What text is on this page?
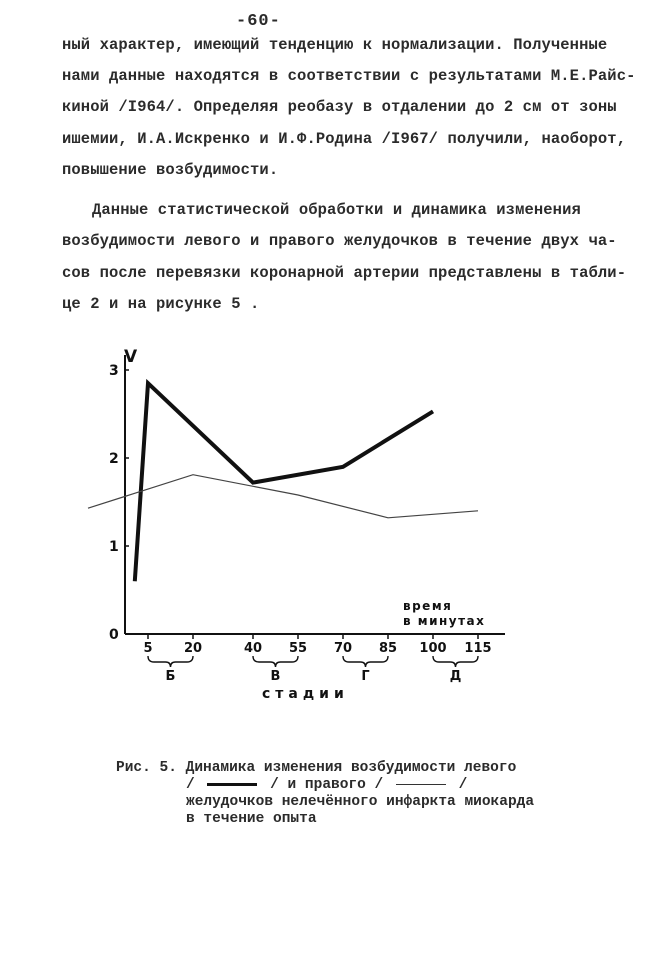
-60-
ный характер, имеющий тенденцию к нормализации. Полученные
нами данные находятся в соответствии с результатами М.Е.Райс-
киной /I964/. Определяя реобазу в отдалении до 2 см от зоны
ишемии, И.А.Искренко и И.Ф.Родина /I967/ получили, наоборот,
повышение возбудимости.
Данные статистической обработки и динамика изменения
возбудимости левого и правого желудочков в течение двух ча-
сов после перевязки коронарной артерии представлены в табли-
це 2 и на рисунке 5 .
V
время
в минутах
стадии
0
1
2
3
5 20	40 55 70 85 100 115
Б	В	Г	Д
Рис. 5. Динамика изменения возбудимости левого
/	/ и правого /	/
желудочков нелечённого инфаркта миокарда
в течение опыта
